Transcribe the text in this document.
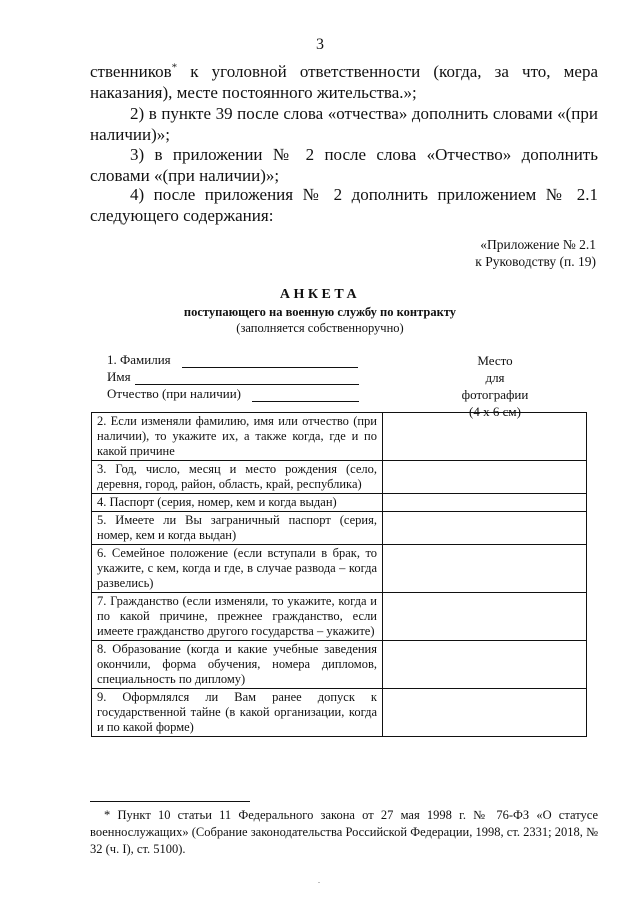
3
ственников* к уголовной ответственности (когда, за что, мера наказания), месте постоянного жительства.»;
2) в пункте 39 после слова «отчества» дополнить словами «(при наличии)»;
3) в приложении № 2 после слова «Отчество» дополнить словами «(при наличии)»;
4) после приложения № 2 дополнить приложением № 2.1 следующего содержания:
«Приложение № 2.1
к Руководству (п. 19)
АНКЕТА
поступающего на военную службу по контракту
(заполняется собственноручно)
1. Фамилия
Имя
Отчество (при наличии)
Место
для
фотографии
(4 х 6 см)
2. Если изменяли фамилию, имя или отчество (при наличии), то укажите их, а также когда, где и по какой причине	
3. Год, число, месяц и место рождения (село, деревня, город, район, область, край, республика)	
4. Паспорт (серия, номер, кем и когда выдан)	
5. Имеете ли Вы заграничный паспорт (серия, номер, кем и когда выдан)	
6. Семейное положение (если вступали в брак, то укажите, с кем, когда и где, в случае развода – когда развелись)	
7. Гражданство (если изменяли, то укажите, когда и по какой причине, прежнее гражданство, если имеете гражданство другого государства – укажите)	
8. Образование (когда и какие учебные заведения окончили, форма обучения, номера дипломов, специальность по диплому)	
9. Оформлялся ли Вам ранее допуск к государственной тайне (в какой организации, когда и по какой форме)	
* Пункт 10 статьи 11 Федерального закона от 27 мая 1998 г. № 76-ФЗ «О статусе военнослужащих» (Собрание законодательства Российской Федерации, 1998, ст. 2331; 2018, № 32 (ч. I), ст. 5100).
.
